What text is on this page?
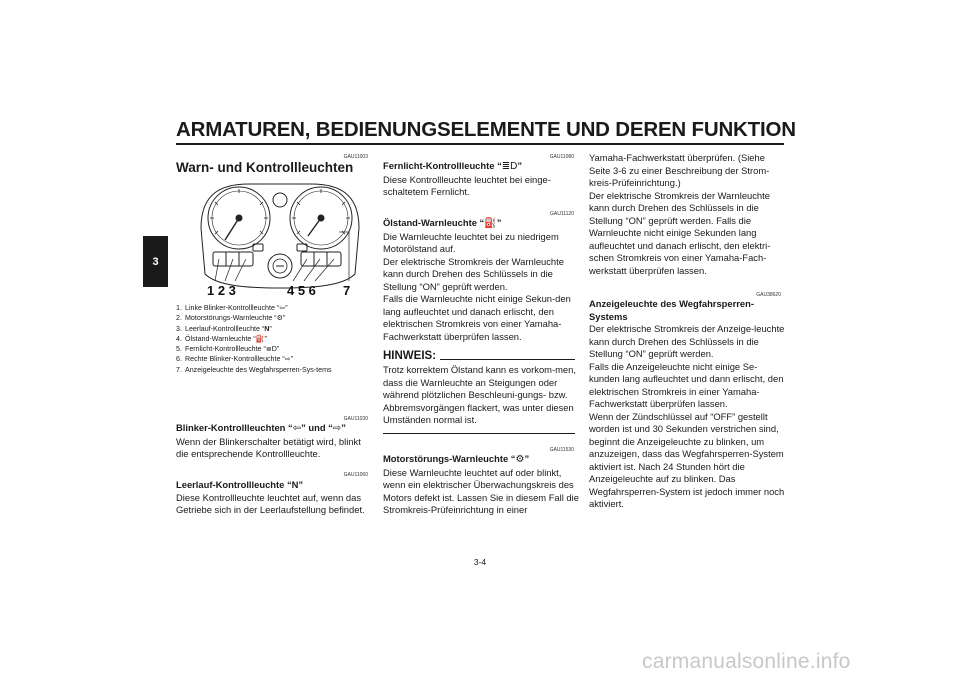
ARMATUREN, BEDIENUNGSELEMENTE UND DEREN FUNKTION
3
GAU11003
Warn- und Kontrollleuchten
1 2 3	4 5 6 7
1. Linke Blinker-Kontrollleuchte “⇦”
2. Motorstörungs-Warnleuchte “⚙”
3. Leerlauf-Kontrollleuchte “N”
4. Ölstand-Warnleuchte “⛽”
5. Fernlicht-Kontrollleuchte “≣D”
6. Rechte Blinker-Kontrollleuchte “⇨”
7. Anzeigeleuchte des Wegfahrsperren-Sys-tems
GAU11030
Blinker-Kontrollleuchten “⇦” und “⇨”

Wenn der Blinkerschalter betätigt wird, blinkt die entsprechende Kontrollleuchte.

GAU11060
Leerlauf-Kontrollleuchte “N”

Diese Kontrollleuchte leuchtet auf, wenn das Getriebe sich in der Leerlaufstellung befindet.

GAU11080
Fernlicht-Kontrollleuchte “≣D”

Diese Kontrollleuchte leuchtet bei einge-schaltetem Fernlicht.

GAU11120
Ölstand-Warnleuchte “⛽”

Die Warnleuchte leuchtet bei zu niedrigem Motorölstand auf.
Der elektrische Stromkreis der Warnleuchte kann durch Drehen des Schlüssels in die Stellung “ON” geprüft werden.
Falls die Warnleuchte nicht einige Sekun-den lang aufleuchtet und danach erlischt, den elektrischen Stromkreis von einer Yamaha-Fachwerkstatt überprüfen lassen.

HINWEIS:

Trotz korrektem Ölstand kann es vorkom-men, dass die Warnleuchte an Steigungen oder während plötzlichen Beschleuni-gungs- bzw. Abbremsvorgängen flackert, was unter diesen Umständen normal ist.

GAU11530
Motorstörungs-Warnleuchte “⚙”

Diese Warnleuchte leuchtet auf oder blinkt, wenn ein elektrischer Überwachungskreis des Motors defekt ist. Lassen Sie in diesem Fall die Stromkreis-Prüfeinrichtung in einer

Yamaha-Fachwerkstatt überprüfen. (Siehe Seite 3-6 zu einer Beschreibung der Strom-kreis-Prüfeinrichtung.)
Der elektrische Stromkreis der Warnleuchte kann durch Drehen des Schlüssels in die Stellung “ON” geprüft werden. Falls die Warnleuchte nicht einige Sekunden lang aufleuchtet und danach erlischt, den elektri-schen Stromkreis von einer Yamaha-Fach-werkstatt überprüfen lassen.

GAU38620
Anzeigeleuchte des Wegfahrsperren-Systems

Der elektrische Stromkreis der Anzeige-leuchte kann durch Drehen des Schlüssels in die Stellung “ON” geprüft werden.
Falls die Anzeigeleuchte nicht einige Se-kunden lang aufleuchtet und dann erlischt, den elektrischen Stromkreis in einer Yamaha-Fachwerkstatt überprüfen lassen.
Wenn der Zündschlüssel auf “OFF” gestellt worden ist und 30 Sekunden verstrichen sind, beginnt die Anzeigeleuchte zu blinken, um anzuzeigen, dass das Wegfahrsperren-System aktiviert ist. Nach 24 Stunden hört die Anzeigeleuchte auf zu blinken. Das Wegfahrsperren-System ist jedoch immer noch aktiviert.

3-4
carmanualsonline.info
